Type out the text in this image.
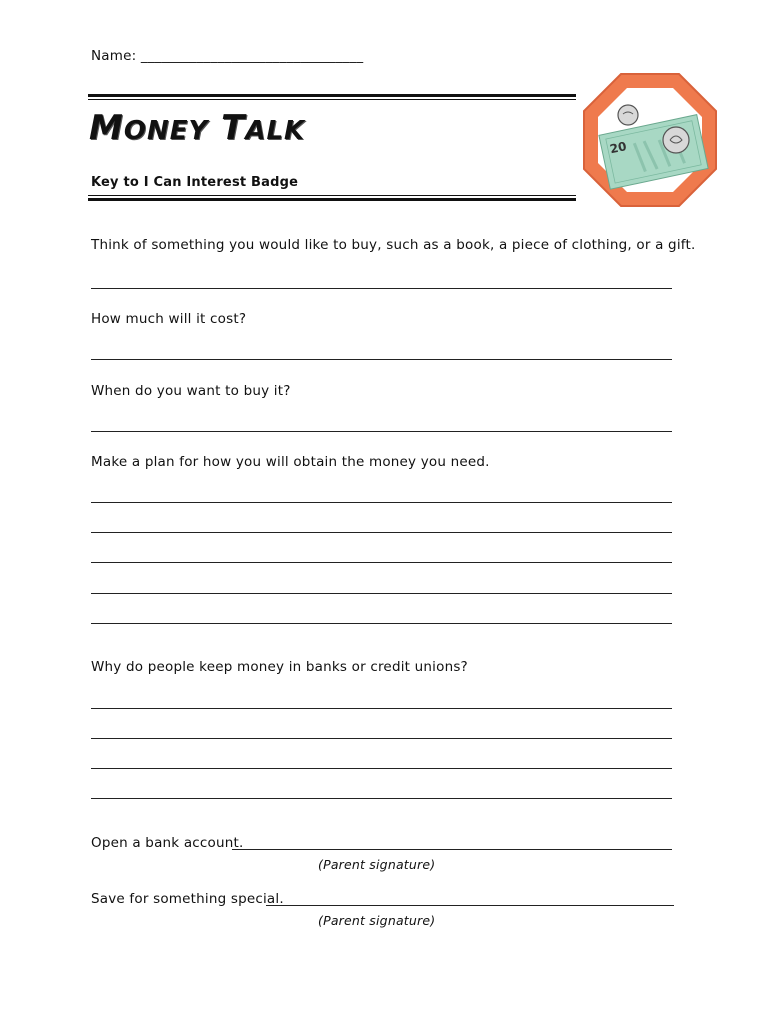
Name: ________________________________
MONEY TALK
Key to I Can Interest Badge
20
Think of something you would like to buy, such as a book, a piece of clothing, or a gift.
How much will it cost?
When do you want to buy it?
Make a plan for how you will obtain the money you need.
Why do people keep money in banks or credit unions?
Open a bank account.
(Parent signature)
Save for something special.
(Parent signature)
